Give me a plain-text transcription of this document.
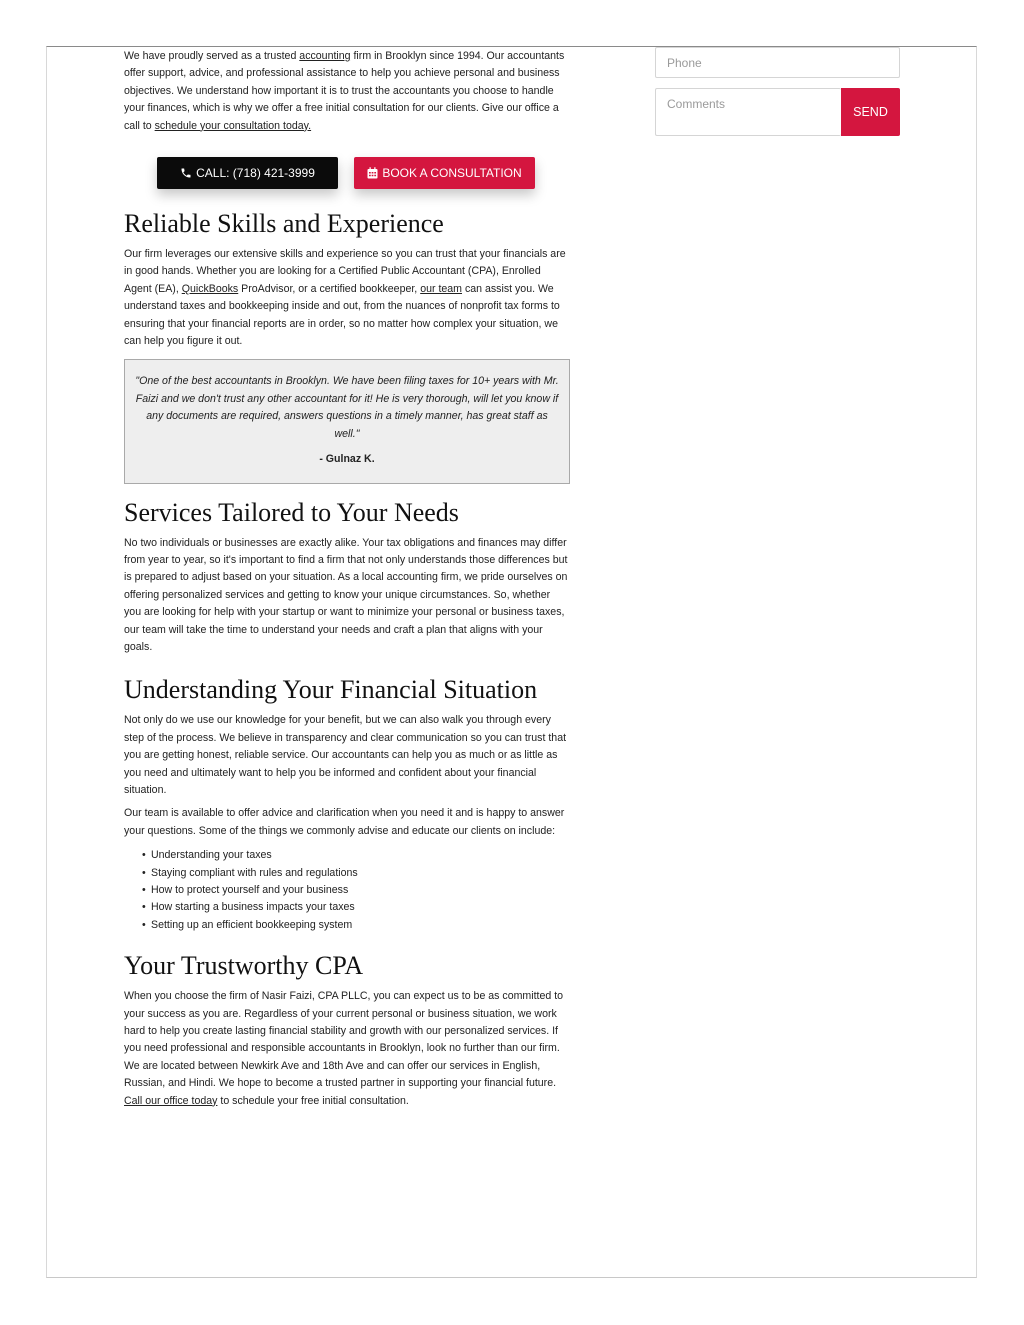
We have proudly served as a trusted accounting firm in Brooklyn since 1994. Our accountants offer support, advice, and professional assistance to help you achieve personal and business objectives. We understand how important it is to trust the accountants you choose to handle your finances, which is why we offer a free initial consultation for our clients. Give our office a call to schedule your consultation today.

CALL: (718) 421-3999	BOOK A CONSULTATION
Reliable Skills and Experience

Our firm leverages our extensive skills and experience so you can trust that your financials are in good hands. Whether you are looking for a Certified Public Accountant (CPA), Enrolled Agent (EA), QuickBooks ProAdvisor, or a certified bookkeeper, our team can assist you. We understand taxes and bookkeeping inside and out, from the nuances of nonprofit tax forms to ensuring that your financial reports are in order, so no matter how complex your situation, we can help you figure it out.

"One of the best accountants in Brooklyn. We have been filing taxes for 10+ years with Mr. Faizi and we don't trust any other accountant for it! He is very thorough, will let you know if any documents are required, answers questions in a timely manner, has great staff as well."

- Gulnaz K.

Services Tailored to Your Needs

No two individuals or businesses are exactly alike. Your tax obligations and finances may differ from year to year, so it's important to find a firm that not only understands those differences but is prepared to adjust based on your situation. As a local accounting firm, we pride ourselves on offering personalized services and getting to know your unique circumstances. So, whether you are looking for help with your startup or want to minimize your personal or business taxes, our team will take the time to understand your needs and craft a plan that aligns with your goals.

Understanding Your Financial Situation

Not only do we use our knowledge for your benefit, but we can also walk you through every step of the process. We believe in transparency and clear communication so you can trust that you are getting honest, reliable service. Our accountants can help you as much or as little as you need and ultimately want to help you be informed and confident about your financial situation.

Our team is available to offer advice and clarification when you need it and is happy to answer your questions. Some of the things we commonly advise and educate our clients on include:

• Understanding your taxes
• Staying compliant with rules and regulations
• How to protect yourself and your business
• How starting a business impacts your taxes
• Setting up an efficient bookkeeping system
Your Trustworthy CPA

When you choose the firm of Nasir Faizi, CPA PLLC, you can expect us to be as committed to your success as you are. Regardless of your current personal or business situation, we work hard to help you create lasting financial stability and growth with our personalized services. If you need professional and responsible accountants in Brooklyn, look no further than our firm. We are located between Newkirk Ave and 18th Ave and can offer our services in English, Russian, and Hindi. We hope to become a trusted partner in supporting your financial future. Call our office today to schedule your free initial consultation.

Phone
Comments
SEND
